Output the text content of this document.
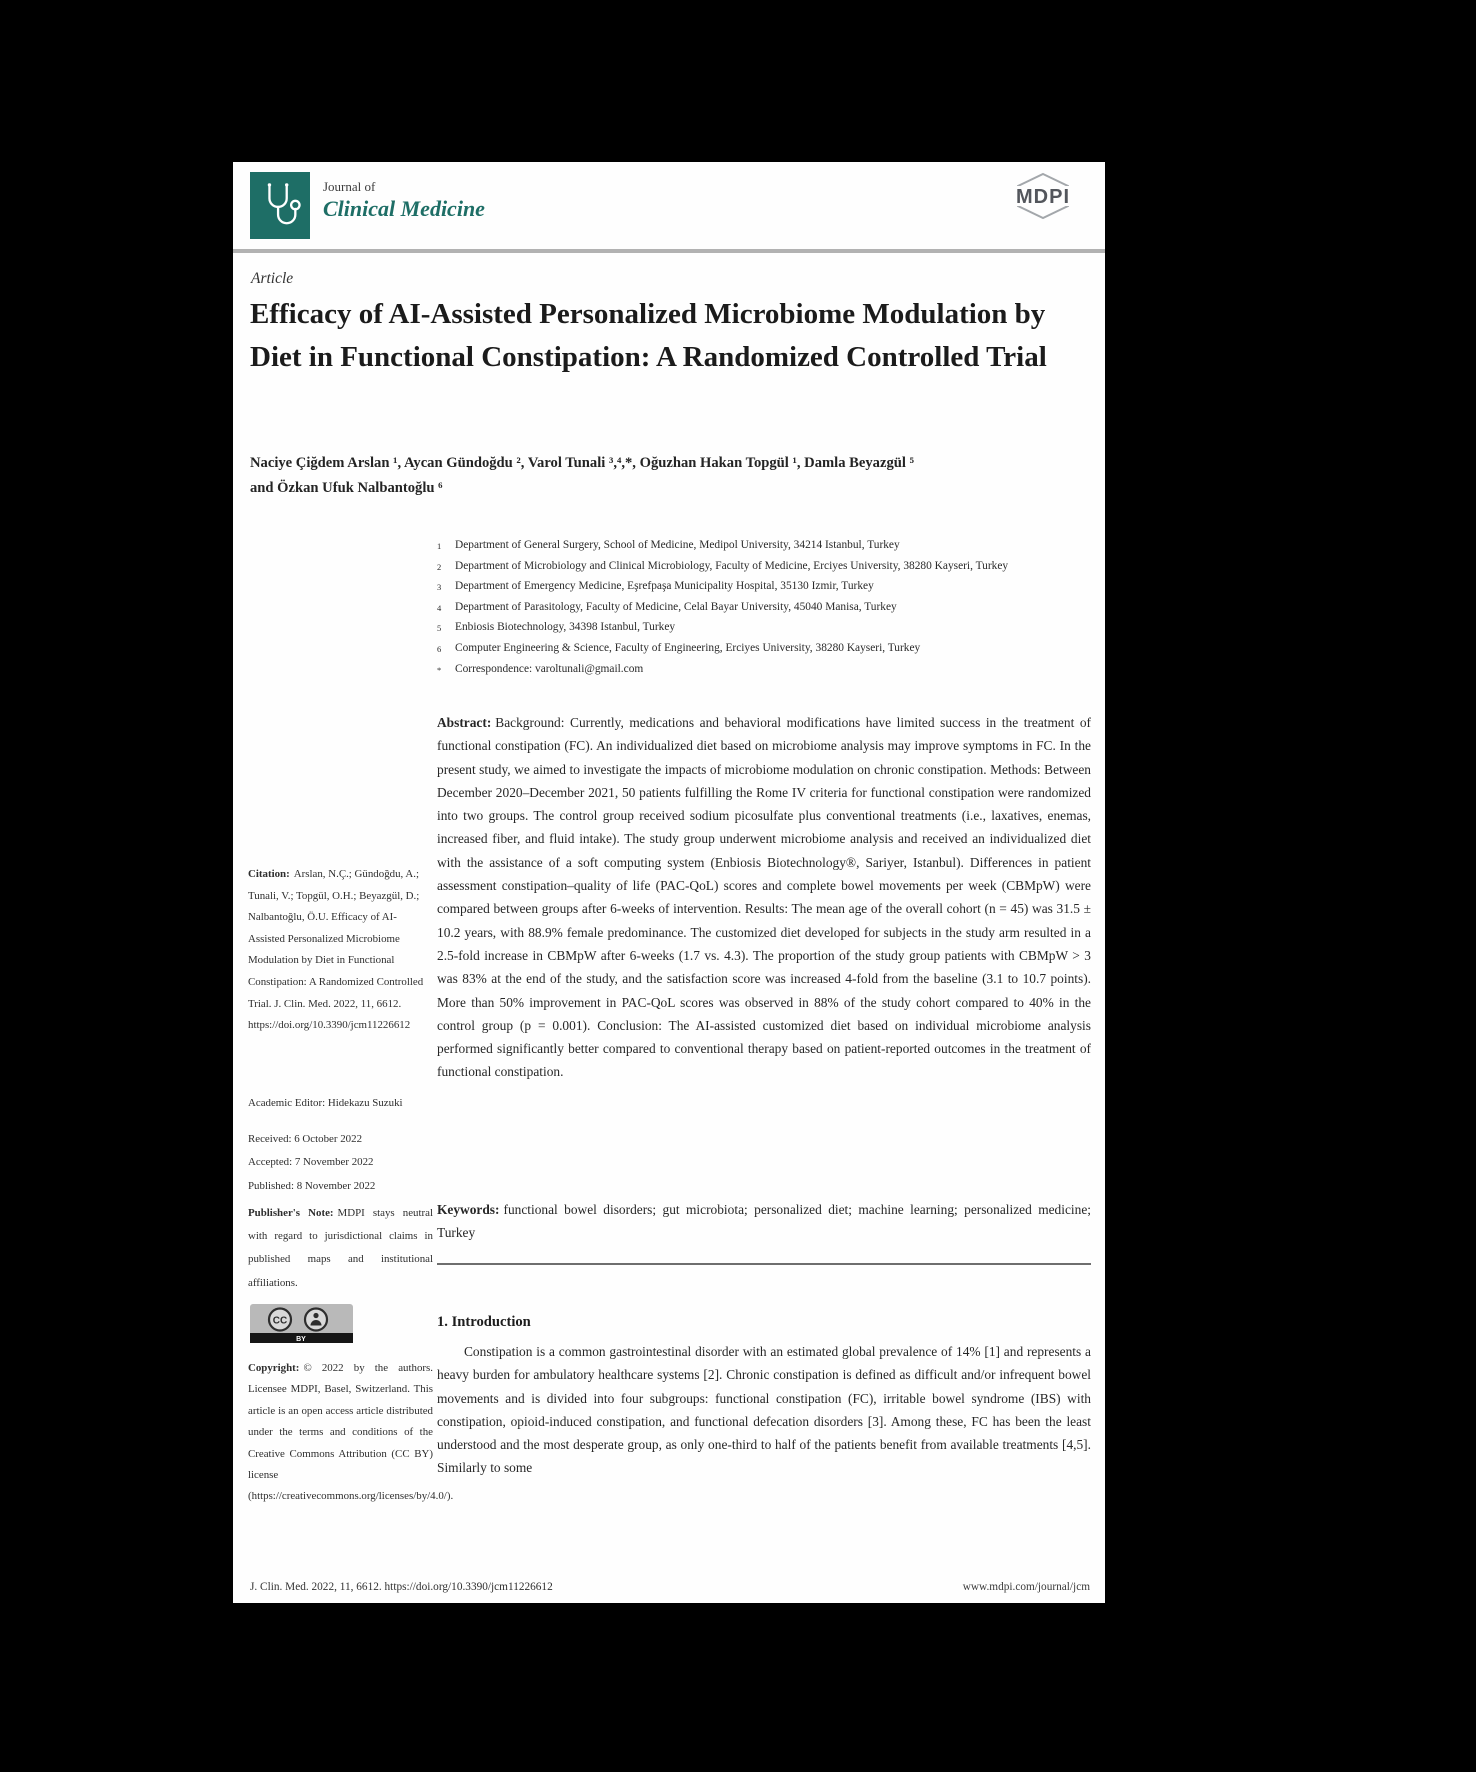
Journal of
Clinical Medicine	MDPI
Article
Efficacy of AI-Assisted Personalized Microbiome Modulation by Diet in Functional Constipation: A Randomized Controlled Trial
Naciye Çiğdem Arslan ¹, Aycan Gündoğdu ², Varol Tunali ³,⁴,*, Oğuzhan Hakan Topgül ¹, Damla Beyazgül ⁵
and Özkan Ufuk Nalbantoğlu ⁶
1	Department of General Surgery, School of Medicine, Medipol University, 34214 Istanbul, Turkey
2	Department of Microbiology and Clinical Microbiology, Faculty of Medicine, Erciyes University, 38280 Kayseri, Turkey
3	Department of Emergency Medicine, Eşrefpaşa Municipality Hospital, 35130 Izmir, Turkey
4	Department of Parasitology, Faculty of Medicine, Celal Bayar University, 45040 Manisa, Turkey
5	Enbiosis Biotechnology, 34398 Istanbul, Turkey
6	Computer Engineering & Science, Faculty of Engineering, Erciyes University, 38280 Kayseri, Turkey
*	Correspondence: varoltunali@gmail.com

Abstract: Background: Currently, medications and behavioral modifications have limited success in the treatment of functional constipation (FC). An individualized diet based on microbiome analysis may improve symptoms in FC. In the present study, we aimed to investigate the impacts of microbiome modulation on chronic constipation. Methods: Between December 2020–December 2021, 50 patients fulfilling the Rome IV criteria for functional constipation were randomized into two groups. The control group received sodium picosulfate plus conventional treatments (i.e., laxatives, enemas, increased fiber, and fluid intake). The study group underwent microbiome analysis and received an individualized diet with the assistance of a soft computing system (Enbiosis Biotechnology®, Sariyer, Istanbul). Differences in patient assessment constipation–quality of life (PAC-QoL) scores and complete bowel movements per week (CBMpW) were compared between groups after 6-weeks of intervention. Results: The mean age of the overall cohort (n = 45) was 31.5 ± 10.2 years, with 88.9% female predominance. The customized diet developed for subjects in the study arm resulted in a 2.5-fold increase in CBMpW after 6-weeks (1.7 vs. 4.3). The proportion of the study group patients with CBMpW > 3 was 83% at the end of the study, and the satisfaction score was increased 4-fold from the baseline (3.1 to 10.7 points). More than 50% improvement in PAC-QoL scores was observed in 88% of the study cohort compared to 40% in the control group (p = 0.001). Conclusion: The AI-assisted customized diet based on individual microbiome analysis performed significantly better compared to conventional therapy based on patient-reported outcomes in the treatment of functional constipation.

Keywords: functional bowel disorders; gut microbiota; personalized diet; machine learning; personalized medicine; Turkey

1. Introduction

Constipation is a common gastrointestinal disorder with an estimated global prevalence of 14% [1] and represents a heavy burden for ambulatory healthcare systems [2]. Chronic constipation is defined as difficult and/or infrequent bowel movements and is divided into four subgroups: functional constipation (FC), irritable bowel syndrome (IBS) with constipation, opioid-induced constipation, and functional defecation disorders [3]. Among these, FC has been the least understood and the most desperate group, as only one-third to half of the patients benefit from available treatments [4,5]. Similarly to some

Citation: Arslan, N.Ç.; Gündoğdu, A.; Tunali, V.; Topgül, O.H.; Beyazgül, D.; Nalbantoğlu, Ö.U. Efficacy of AI-Assisted Personalized Microbiome Modulation by Diet in Functional Constipation: A Randomized Controlled Trial. J. Clin. Med. 2022, 11, 6612. https://doi.org/10.3390/jcm11226612
Academic Editor: Hidekazu Suzuki
Received: 6 October 2022
Accepted: 7 November 2022
Published: 8 November 2022
Publisher's Note: MDPI stays neutral with regard to jurisdictional claims in published maps and institutional affiliations.
CC
BY
Copyright: © 2022 by the authors. Licensee MDPI, Basel, Switzerland. This article is an open access article distributed under the terms and conditions of the Creative Commons Attribution (CC BY) license (https://creativecommons.org/licenses/by/4.0/).
J. Clin. Med. 2022, 11, 6612. https://doi.org/10.3390/jcm11226612	www.mdpi.com/journal/jcm
